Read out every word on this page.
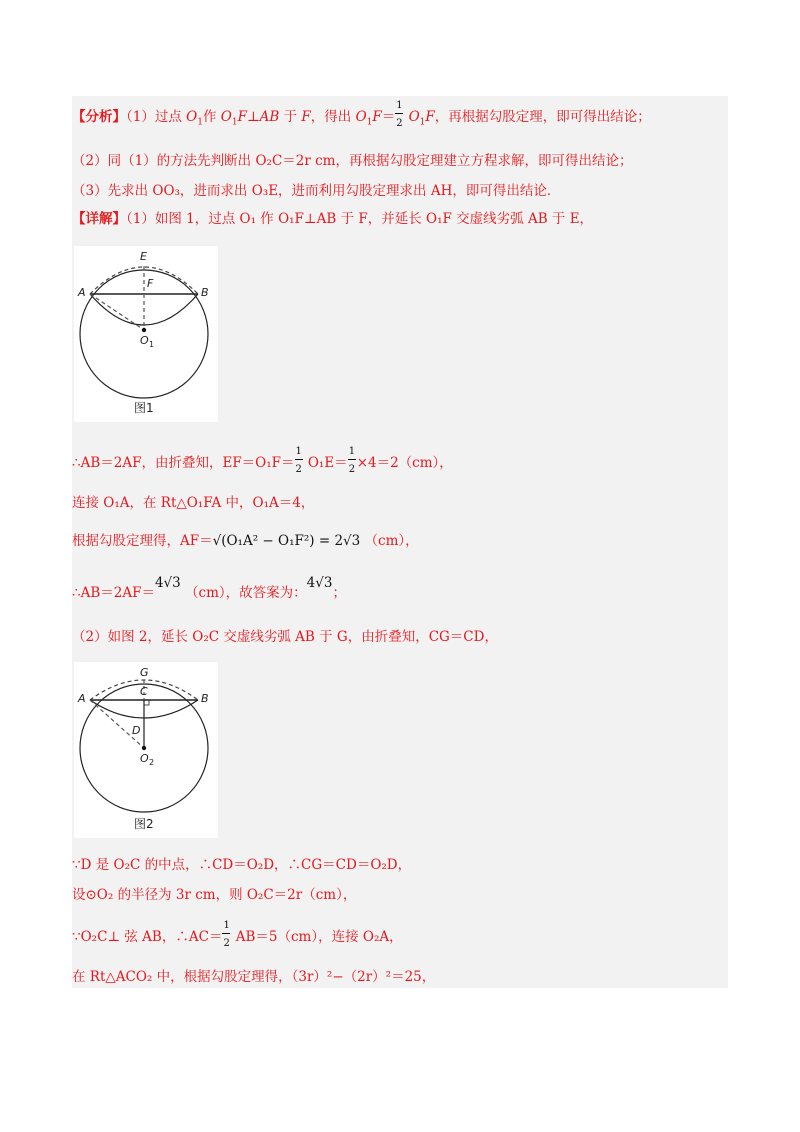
【分析】（1）过点 $O_1$作 $O_1F\perp AB$ 于 F，得出 $O_1F= \frac{1}{2} O_1F$，再根据勾股定理，即可得出结论；
（2）同（1）的方法先判断出 O₂C＝2r cm，再根据勾股定理建立方程求解，即可得出结论；
（3）先求出 OO₃，进而求出 O₃E，进而利用勾股定理求出 AH，即可得出结论．
【详解】（1）如图 1，过点 O₁ 作 O₁F⊥AB 于 F，并延长 O₁F 交虚线劣弧 AB 于 E，
E
F
A	B
O 1
图1
∴AB＝2AF，由折叠知，$EF=O_1F= \frac{1}{2} O_1E= \frac{1}{2} \times 4=2(cm)$，
连接 O₁A，在 Rt△O₁FA 中，O₁A＝4，
根据勾股定理得，AF＝√(O₁A² − O₁F²) = 2√3 （cm），
∴AB＝2AF＝4√3 （cm），故答案为：4√3；
（2）如图 2，延长 O₂C 交虚线劣弧 AB 于 G，由折叠知，CG＝CD，
G
C
A	B
D
O 2
图2
∵D 是 O₂C 的中点，∴CD＝O₂D，∴CG＝CD＝O₂D，
设⊙O₂ 的半径为 3r cm，则 O₂C＝2r（cm），
∵O₂C⊥ 弦 AB，∴AC＝ $\frac{1}{2} AB=5(cm)$，连接 O₂A，
在 Rt△ACO₂ 中，根据勾股定理得，（3r）²−（2r）²＝25，
